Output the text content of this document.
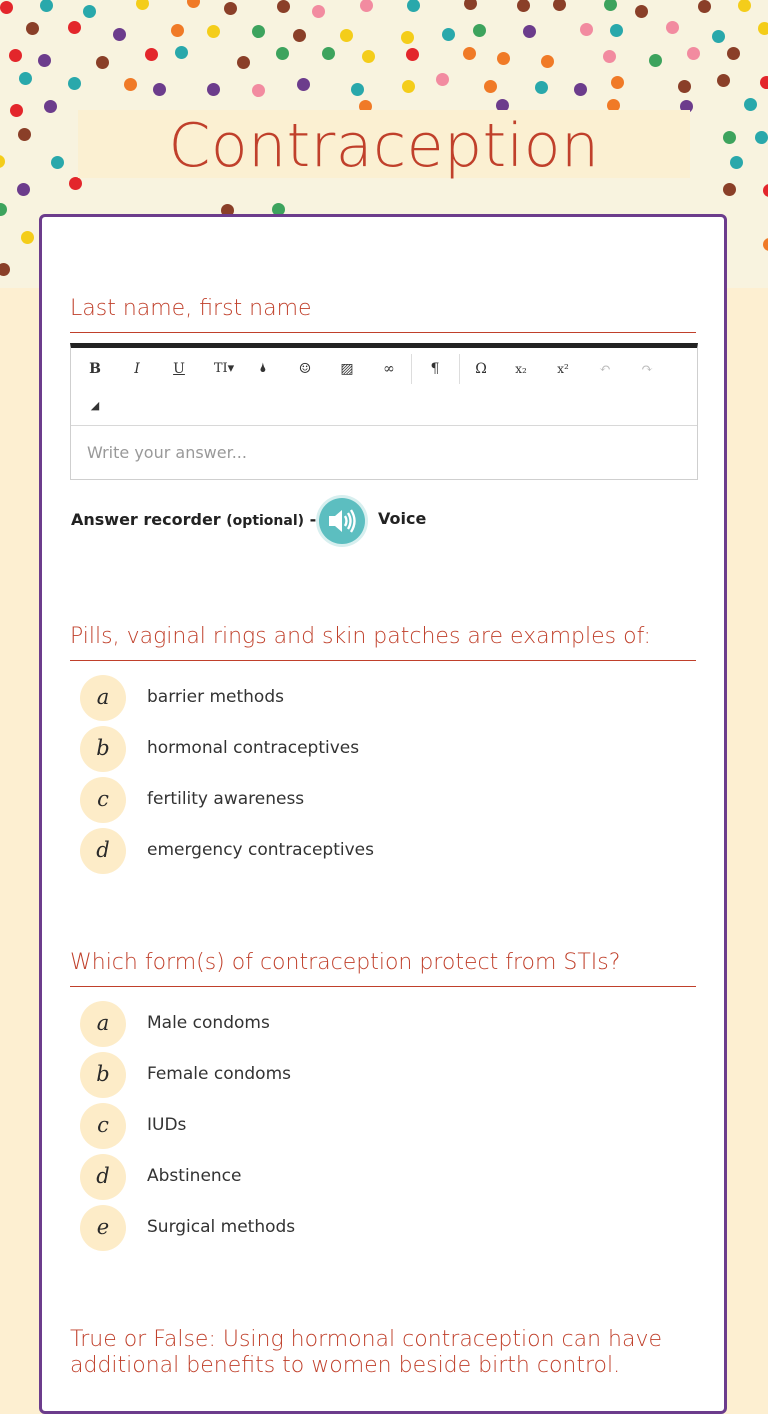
Contraception
Last name, first name
B	I	U	TI▾	🌢	☺	▨	∞	¶	Ω	x₂	x²	↶	↷
◢
Write your answer...
Answer recorder (optional) -	Voice
Pills, vaginal rings and skin patches are examples of:
a	barrier methods
b	hormonal contraceptives
c	fertility awareness
d	emergency contraceptives
Which form(s) of contraception protect from STIs?
a	Male condoms
b	Female condoms
c	IUDs
d	Abstinence
e	Surgical methods
True or False: Using hormonal contraception can have additional benefits to women beside birth control.
